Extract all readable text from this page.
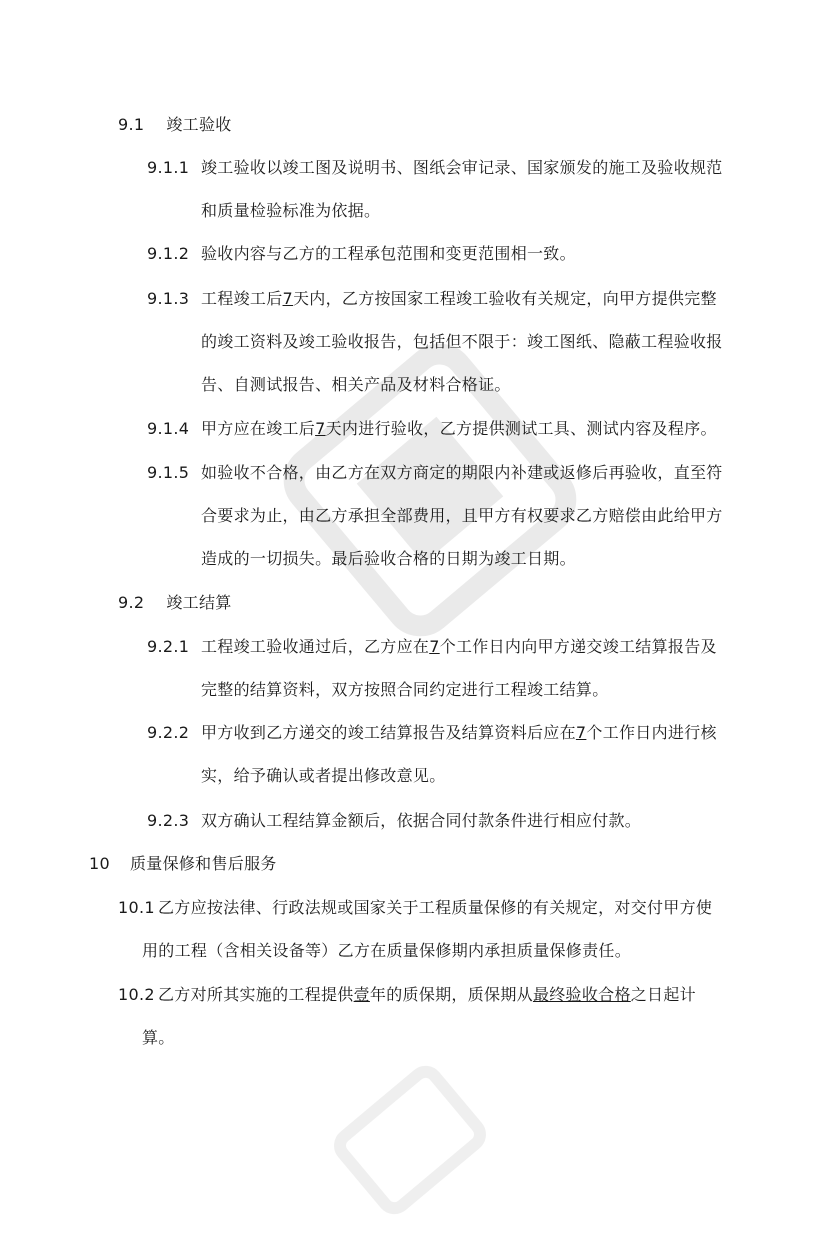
9.1 竣工验收
9.1.1 竣工验收以竣工图及说明书、图纸会审记录、国家颁发的施工及验收规范
和质量检验标准为依据。
9.1.2 验收内容与乙方的工程承包范围和变更范围相一致。
9.1.3 工程竣工后7天内，乙方按国家工程竣工验收有关规定，向甲方提供完整
的竣工资料及竣工验收报告，包括但不限于：竣工图纸、隐蔽工程验收报
告、自测试报告、相关产品及材料合格证。
9.1.4 甲方应在竣工后7天内进行验收，乙方提供测试工具、测试内容及程序。
9.1.5 如验收不合格，由乙方在双方商定的期限内补建或返修后再验收，直至符
合要求为止，由乙方承担全部费用，且甲方有权要求乙方赔偿由此给甲方
造成的一切损失。最后验收合格的日期为竣工日期。
9.2 竣工结算
9.2.1 工程竣工验收通过后，乙方应在7个工作日内向甲方递交竣工结算报告及
完整的结算资料，双方按照合同约定进行工程竣工结算。
9.2.2 甲方收到乙方递交的竣工结算报告及结算资料后应在7个工作日内进行核
实，给予确认或者提出修改意见。
9.2.3 双方确认工程结算金额后，依据合同付款条件进行相应付款。
10 质量保修和售后服务
10.1 乙方应按法律、行政法规或国家关于工程质量保修的有关规定，对交付甲方使
用的工程（含相关设备等）乙方在质量保修期内承担质量保修责任。
10.2 乙方对所其实施的工程提供壹年的质保期，质保期从最终验收合格之日起计
算。
